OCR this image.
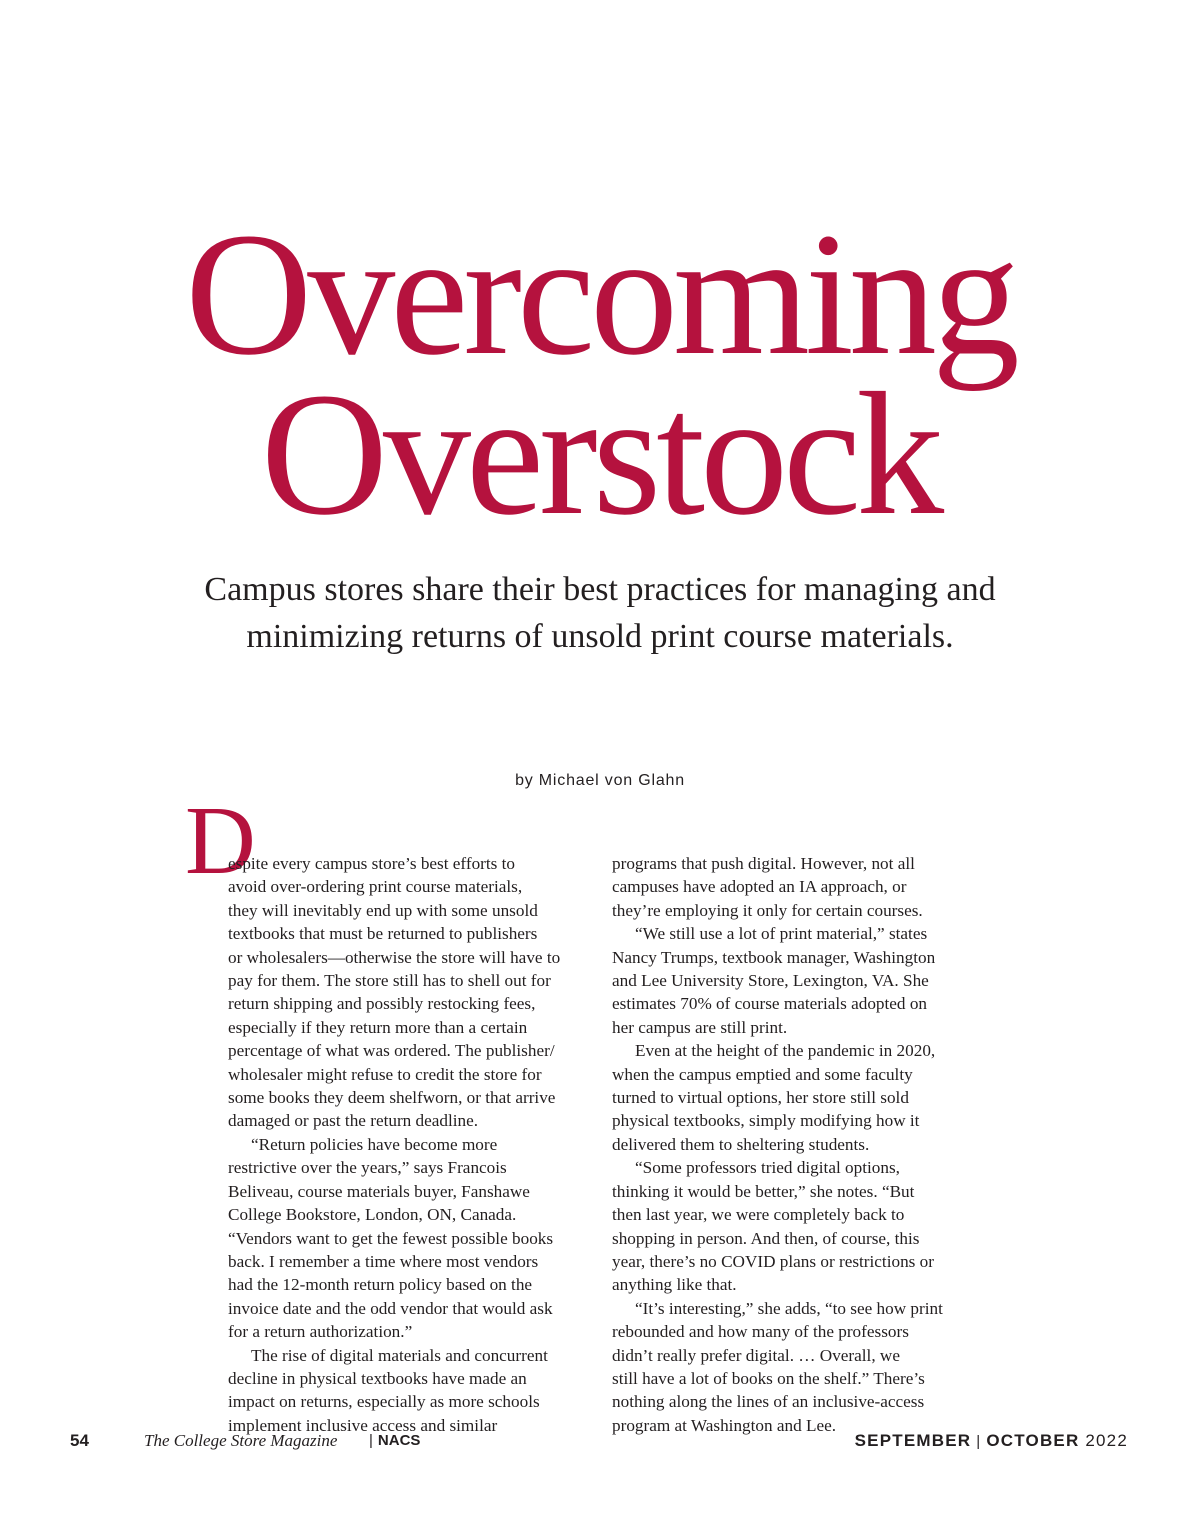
Overcoming
Overstock
Campus stores share their best practices for managing and
minimizing returns of unsold print course materials.
by Michael von Glahn
D
espite every campus store’s best efforts to
avoid over-ordering print course materials,
they will inevitably end up with some unsold
textbooks that must be returned to publishers
or wholesalers—otherwise the store will have to
pay for them. The store still has to shell out for
return shipping and possibly restocking fees,
especially if they return more than a certain
percentage of what was ordered. The publisher/
wholesaler might refuse to credit the store for
some books they deem shelfworn, or that arrive
damaged or past the return deadline.
“Return policies have become more
restrictive over the years,” says Francois
Beliveau, course materials buyer, Fanshawe
College Bookstore, London, ON, Canada.
“Vendors want to get the fewest possible books
back. I remember a time where most vendors
had the 12-month return policy based on the
invoice date and the odd vendor that would ask
for a return authorization.”
The rise of digital materials and concurrent
decline in physical textbooks have made an
impact on returns, especially as more schools
implement inclusive access and similar
programs that push digital. However, not all
campuses have adopted an IA approach, or
they’re employing it only for certain courses.
“We still use a lot of print material,” states
Nancy Trumps, textbook manager, Washington
and Lee University Store, Lexington, VA. She
estimates 70% of course materials adopted on
her campus are still print.
Even at the height of the pandemic in 2020,
when the campus emptied and some faculty
turned to virtual options, her store still sold
physical textbooks, simply modifying how it
delivered them to sheltering students.
“Some professors tried digital options,
thinking it would be better,” she notes. “But
then last year, we were completely back to
shopping in person. And then, of course, this
year, there’s no COVID plans or restrictions or
anything like that.
“It’s interesting,” she adds, “to see how print
rebounded and how many of the professors
didn’t really prefer digital. … Overall, we
still have a lot of books on the shelf.” There’s
nothing along the lines of an inclusive-access
program at Washington and Lee.
54	The College Store Magazine	| NACS	SEPTEMBER | OCTOBER 2022
